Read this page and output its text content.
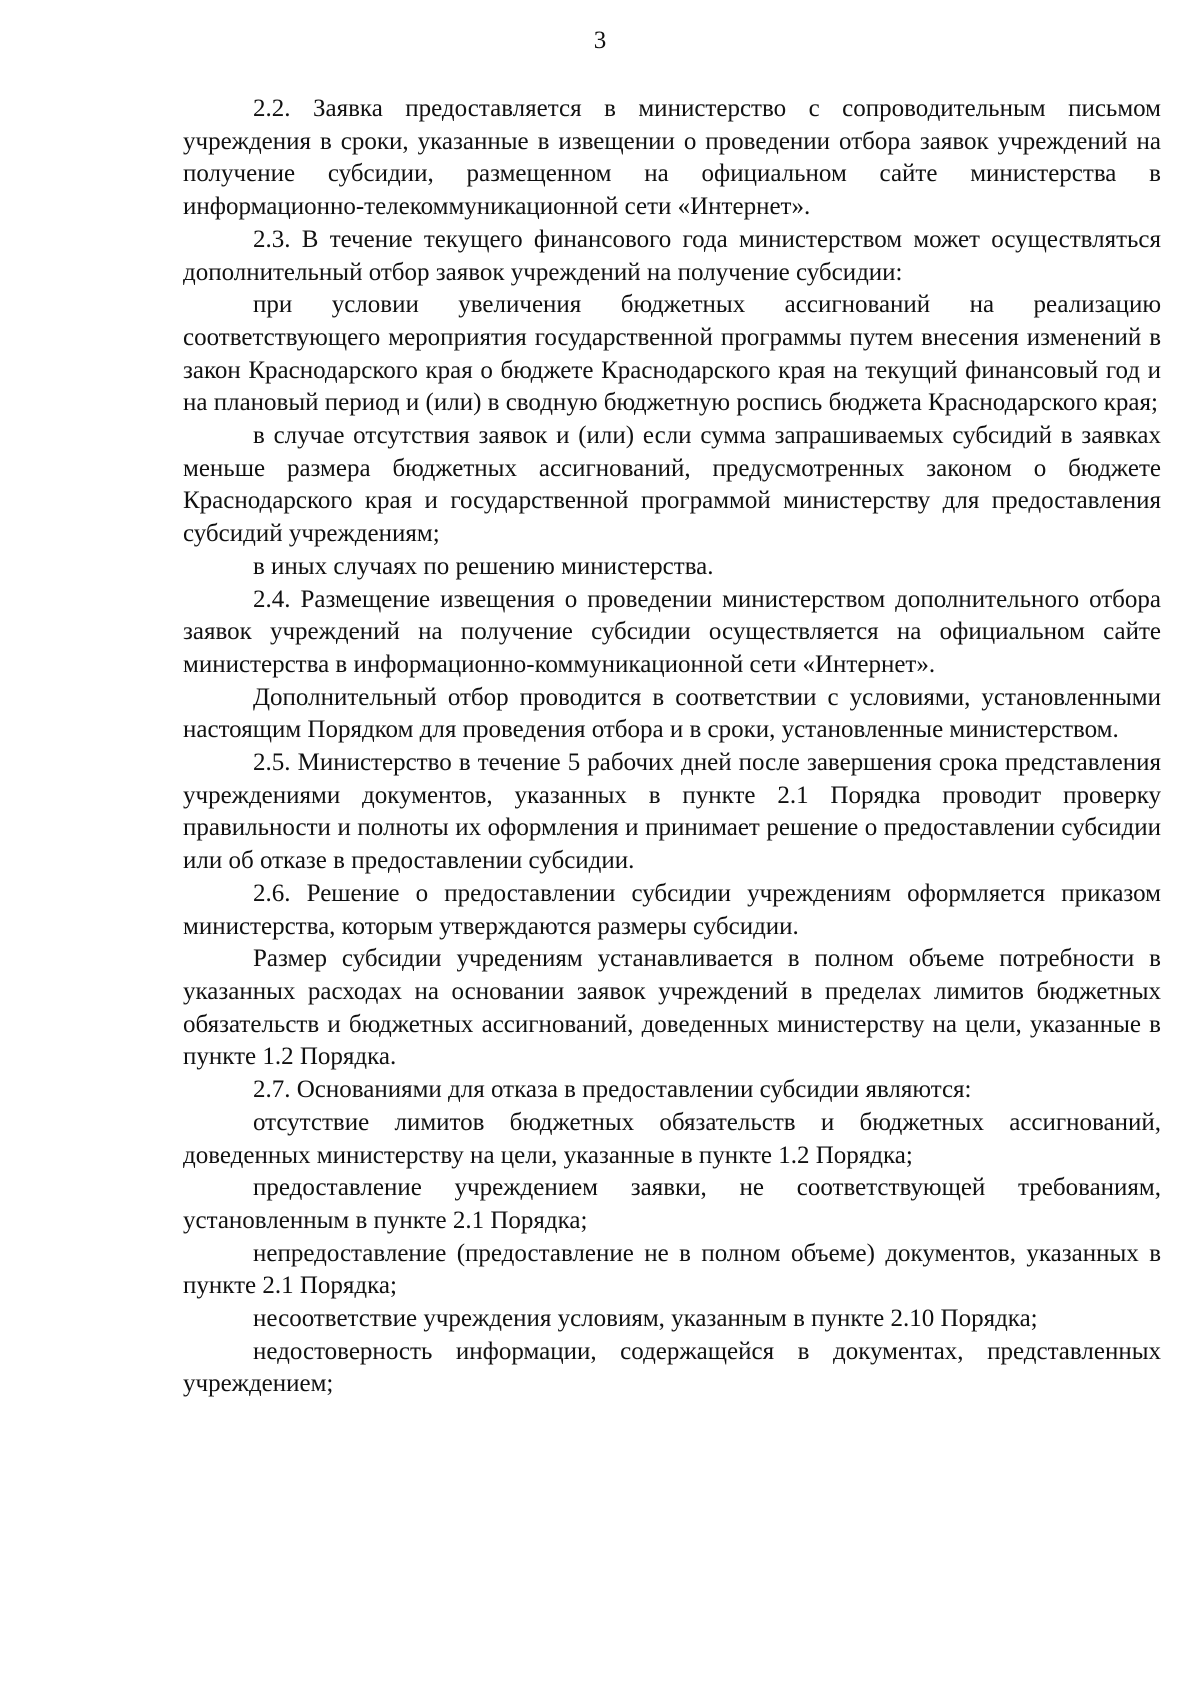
3

2.2. Заявка предоставляется в министерство с сопроводительным письмом учреждения в сроки, указанные в извещении о проведении отбора заявок учреждений на получение субсидии, размещенном на официальном сайте министерства в информационно-телекоммуникационной сети «Интернет».

2.3. В течение текущего финансового года министерством может осуществляться дополнительный отбор заявок учреждений на получение субсидии:

при условии увеличения бюджетных ассигнований на реализацию соответствующего мероприятия государственной программы путем внесения изменений в закон Краснодарского края о бюджете Краснодарского края на текущий финансовый год и на плановый период и (или) в сводную бюджетную роспись бюджета Краснодарского края;

в случае отсутствия заявок и (или) если сумма запрашиваемых субсидий в заявках меньше размера бюджетных ассигнований, предусмотренных законом о бюджете Краснодарского края и государственной программой министерству для предоставления субсидий учреждениям;

в иных случаях по решению министерства.

2.4. Размещение извещения о проведении министерством дополнительного отбора заявок учреждений на получение субсидии осуществляется на официальном сайте министерства в информационно-коммуникационной сети «Интернет».

Дополнительный отбор проводится в соответствии с условиями, установленными настоящим Порядком для проведения отбора и в сроки, установленные министерством.

2.5. Министерство в течение 5 рабочих дней после завершения срока представления учреждениями документов, указанных в пункте 2.1 Порядка проводит проверку правильности и полноты их оформления и принимает решение о предоставлении субсидии или об отказе в предоставлении субсидии.

2.6. Решение о предоставлении субсидии учреждениям оформляется приказом министерства, которым утверждаются размеры субсидии.

Размер субсидии учредениям устанавливается в полном объеме потребности в указанных расходах на основании заявок учреждений в пределах лимитов бюджетных обязательств и бюджетных ассигнований, доведенных министерству на цели, указанные в пункте 1.2 Порядка.

2.7. Основаниями для отказа в предоставлении субсидии являются:

отсутствие лимитов бюджетных обязательств и бюджетных ассигнований, доведенных министерству на цели, указанные в пункте 1.2 Порядка;

предоставление учреждением заявки, не соответствующей требованиям, установленным в пункте 2.1 Порядка;

непредоставление (предоставление не в полном объеме) документов, указанных в пункте 2.1 Порядка;

несоответствие учреждения условиям, указанным в пункте 2.10 Порядка;

недостоверность информации, содержащейся в документах, представленных учреждением;
